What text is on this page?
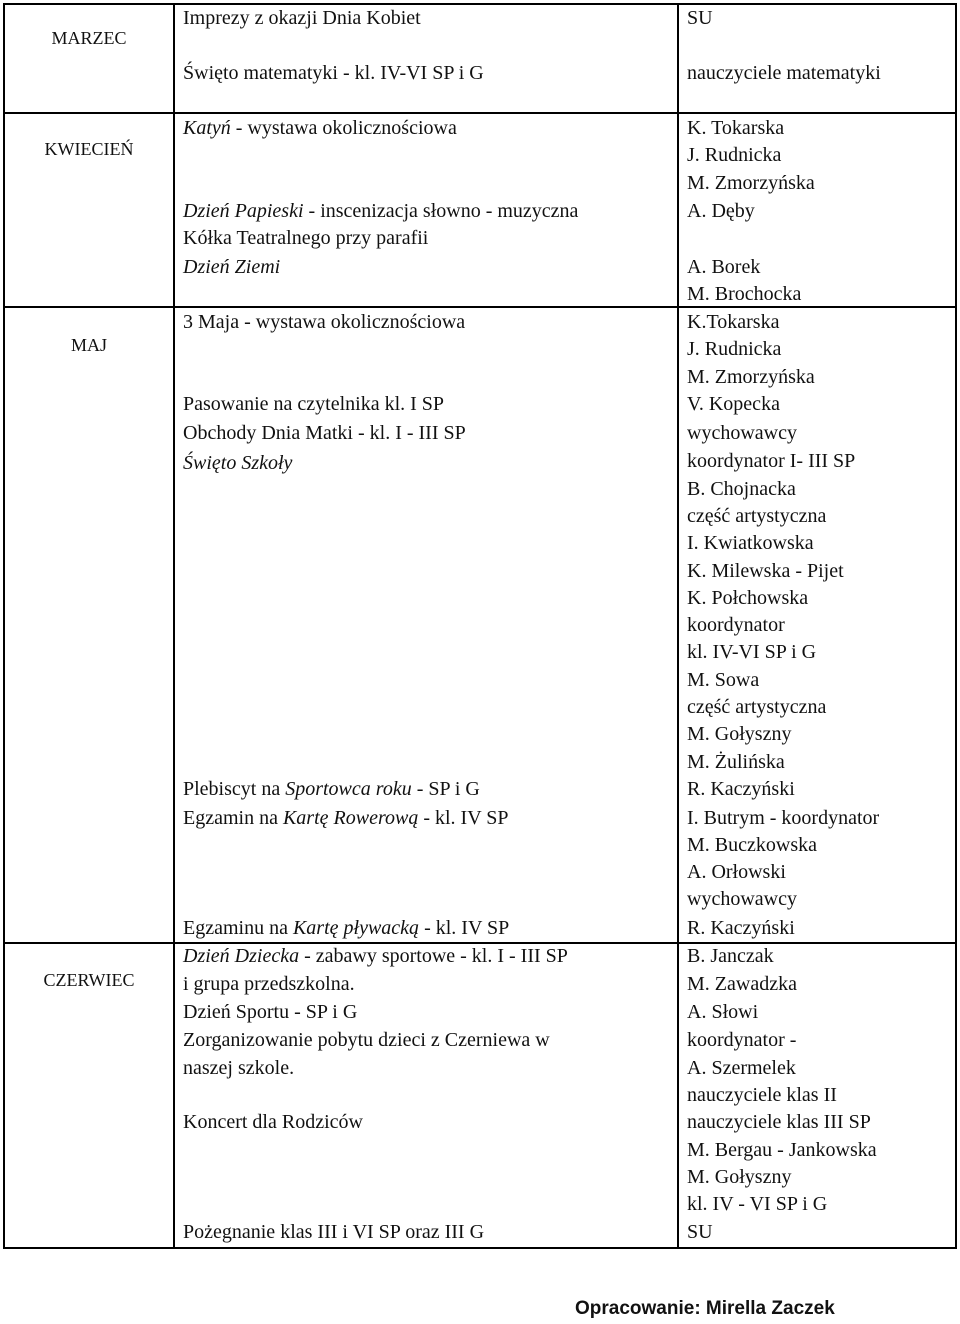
MARZEC
KWIECIEŃ
MAJ
CZERWIEC
Imprezy z okazji Dnia Kobiet
Święto matematyki - kl. IV-VI SP i G
Katyń - wystawa okolicznościowa
Dzień Papieski - inscenizacja słowno - muzyczna
Kółka Teatralnego przy parafii
Dzień Ziemi
3 Maja - wystawa okolicznościowa
Pasowanie na czytelnika kl. I SP
Obchody Dnia Matki - kl. I - III SP
Święto Szkoły
Plebiscyt na Sportowca roku - SP i G
Egzamin na Kartę Rowerową - kl. IV SP
Egzaminu na Kartę pływacką - kl. IV SP
Dzień Dziecka - zabawy sportowe - kl. I - III SP
i grupa przedszkolna.
Dzień Sportu - SP i G
Zorganizowanie pobytu dzieci z Czerniewa w
naszej szkole.
Koncert dla Rodziców
Pożegnanie klas III i VI SP oraz III G
SU
nauczyciele matematyki
K. Tokarska
J. Rudnicka
M. Zmorzyńska
A. Dęby
A. Borek
M. Brochocka
K.Tokarska
J. Rudnicka
M. Zmorzyńska
V. Kopecka
wychowawcy
koordynator I- III SP
B. Chojnacka
część artystyczna
I. Kwiatkowska
K. Milewska - Pijet
K. Połchowska
koordynator
kl. IV-VI SP i G
M. Sowa
część artystyczna
M. Gołyszny
M. Żulińska
R. Kaczyński
I. Butrym - koordynator
M. Buczkowska
A. Orłowski
wychowawcy
R. Kaczyński
B. Janczak
M. Zawadzka
A. Słowi
koordynator -
A. Szermelek
nauczyciele klas II
nauczyciele klas III SP
M. Bergau - Jankowska
M. Gołyszny
kl. IV - VI SP i G
SU
Opracowanie: Mirella Zaczek
